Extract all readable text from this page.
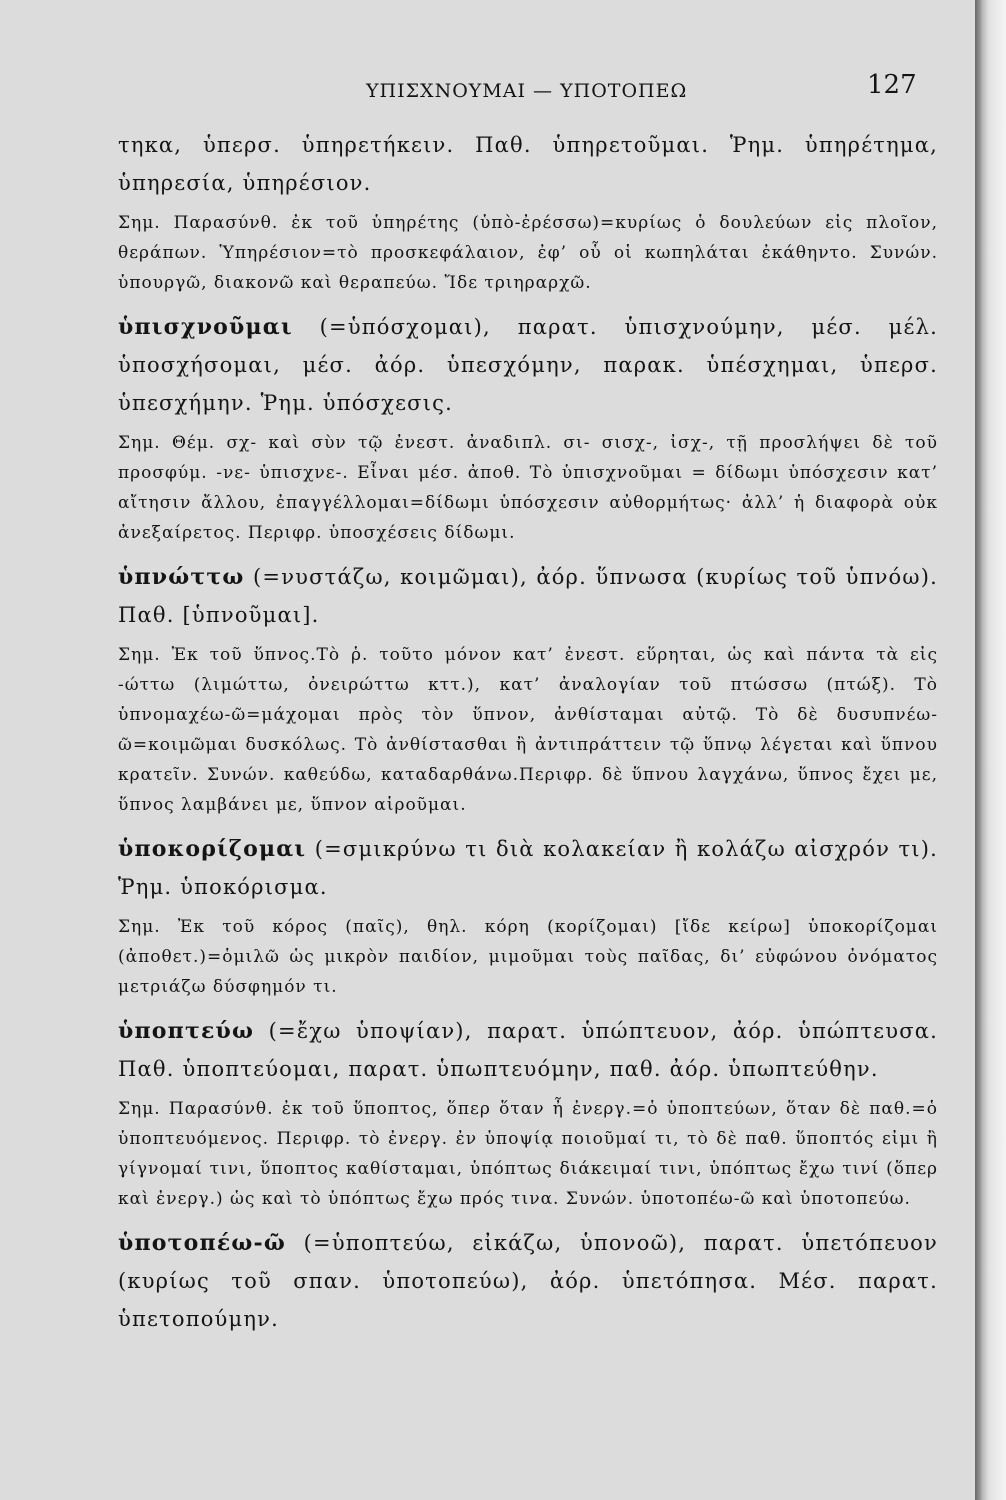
ΥΠΙΣΧΝΟΥΜΑΙ — ΥΠΟΤΟΠΕΩ	127

τηκα, ὑπερσ. ὑπηρετήκειν. Παθ. ὑπηρετοῦμαι. Ῥημ. ὑπηρέτημα, ὑπηρεσία, ὑπηρέσιον.

Σημ. Παρασύνθ. ἐκ τοῦ ὑπηρέτης (ὑπὸ-ἐρέσσω)=κυρίως ὁ δουλεύων εἰς πλοῖον, θεράπων. Ὑπηρέσιον=τὸ προσκεφάλαιον, ἐφ’ οὗ οἱ κωπηλάται ἐκάθηντο. Συνών. ὑπουργῶ, διακονῶ καὶ θεραπεύω. Ἴδε τριηραρχῶ.

ὑπισχνοῦμαι (=ὑπόσχομαι), παρατ. ὑπισχνούμην, μέσ. μέλ. ὑποσχήσομαι, μέσ. ἀόρ. ὑπεσχόμην, παρακ. ὑπέσχημαι, ὑπερσ. ὑπεσχήμην. Ῥημ. ὑπόσχεσις.

Σημ. Θέμ. σχ- καὶ σὺν τῷ ἐνεστ. ἀναδιπλ. σι- σισχ-, ἰσχ-, τῇ προσλήψει δὲ τοῦ προσφύμ. -νε- ὑπισχνε-. Εἶναι μέσ. ἀποθ. Τὸ ὑπισχνοῦμαι = δίδωμι ὑπόσχεσιν κατ’ αἴτησιν ἄλλου, ἐπαγγέλλομαι=δίδωμι ὑπόσχεσιν αὐθορμήτως· ἀλλ’ ἡ διαφορὰ οὐκ ἀνεξαίρετος. Περιφρ. ὑποσχέσεις δίδωμι.

ὑπνώττω (=νυστάζω, κοιμῶμαι), ἀόρ. ὕπνωσα (κυρίως τοῦ ὑπνόω). Παθ. [ὑπνοῦμαι].

Σημ. Ἐκ τοῦ ὕπνος.Τὸ ῥ. τοῦτο μόνον κατ’ ἐνεστ. εὕρηται, ὡς καὶ πάντα τὰ εἰς -ώττω (λιμώττω, ὀνειρώττω κττ.), κατ’ ἀναλογίαν τοῦ πτώσσω (πτώξ). Τὸ ὑπνομαχέω-ῶ=μάχομαι πρὸς τὸν ὕπνον, ἀνθίσταμαι αὐτῷ. Τὸ δὲ δυσυπνέω-ῶ=κοιμῶμαι δυσκόλως. Τὸ ἀνθίστασθαι ἢ ἀντιπράττειν τῷ ὕπνῳ λέγεται καὶ ὕπνου κρατεῖν. Συνών. καθεύδω, καταδαρθάνω.Περιφρ. δὲ ὕπνου λαγχάνω, ὕπνος ἔχει με, ὕπνος λαμβάνει με, ὕπνον αἱροῦμαι.

ὑποκορίζομαι (=σμικρύνω τι διὰ κολακείαν ἢ κολάζω αἰσχρόν τι). Ῥημ. ὑποκόρισμα.

Σημ. Ἐκ τοῦ κόρος (παῖς), θηλ. κόρη (κορίζομαι) [ἴδε κείρω] ὑποκορίζομαι (ἀποθετ.)=ὁμιλῶ ὡς μικρὸν παιδίον, μιμοῦμαι τοὺς παῖδας, δι’ εὐφώνου ὀνόματος μετριάζω δύσφημόν τι.

ὑποπτεύω (=ἔχω ὑποψίαν), παρατ. ὑπώπτευον, ἀόρ. ὑπώπτευσα. Παθ. ὑποπτεύομαι, παρατ. ὑπωπτευόμην, παθ. ἀόρ. ὑπωπτεύθην.

Σημ. Παρασύνθ. ἐκ τοῦ ὕποπτος, ὅπερ ὅταν ἦ ἐνεργ.=ὁ ὑποπτεύων, ὅταν δὲ παθ.=ὁ ὑποπτευόμενος. Περιφρ. τὸ ἐνεργ. ἐν ὑποψίᾳ ποιοῦμαί τι, τὸ δὲ παθ. ὕποπτός εἰμι ἢ γίγνομαί τινι, ὕποπτος καθίσταμαι, ὑπόπτως διάκειμαί τινι, ὑπόπτως ἔχω τινί (ὅπερ καὶ ἐνεργ.) ὡς καὶ τὸ ὑπόπτως ἔχω πρός τινα. Συνών. ὑποτοπέω-ῶ καὶ ὑποτοπεύω.

ὑποτοπέω-ῶ (=ὑποπτεύω, εἰκάζω, ὑπονοῶ), παρατ. ὑπετόπευον (κυρίως τοῦ σπαν. ὑποτοπεύω), ἀόρ. ὑπετόπησα. Μέσ. παρατ. ὑπετοπούμην.
